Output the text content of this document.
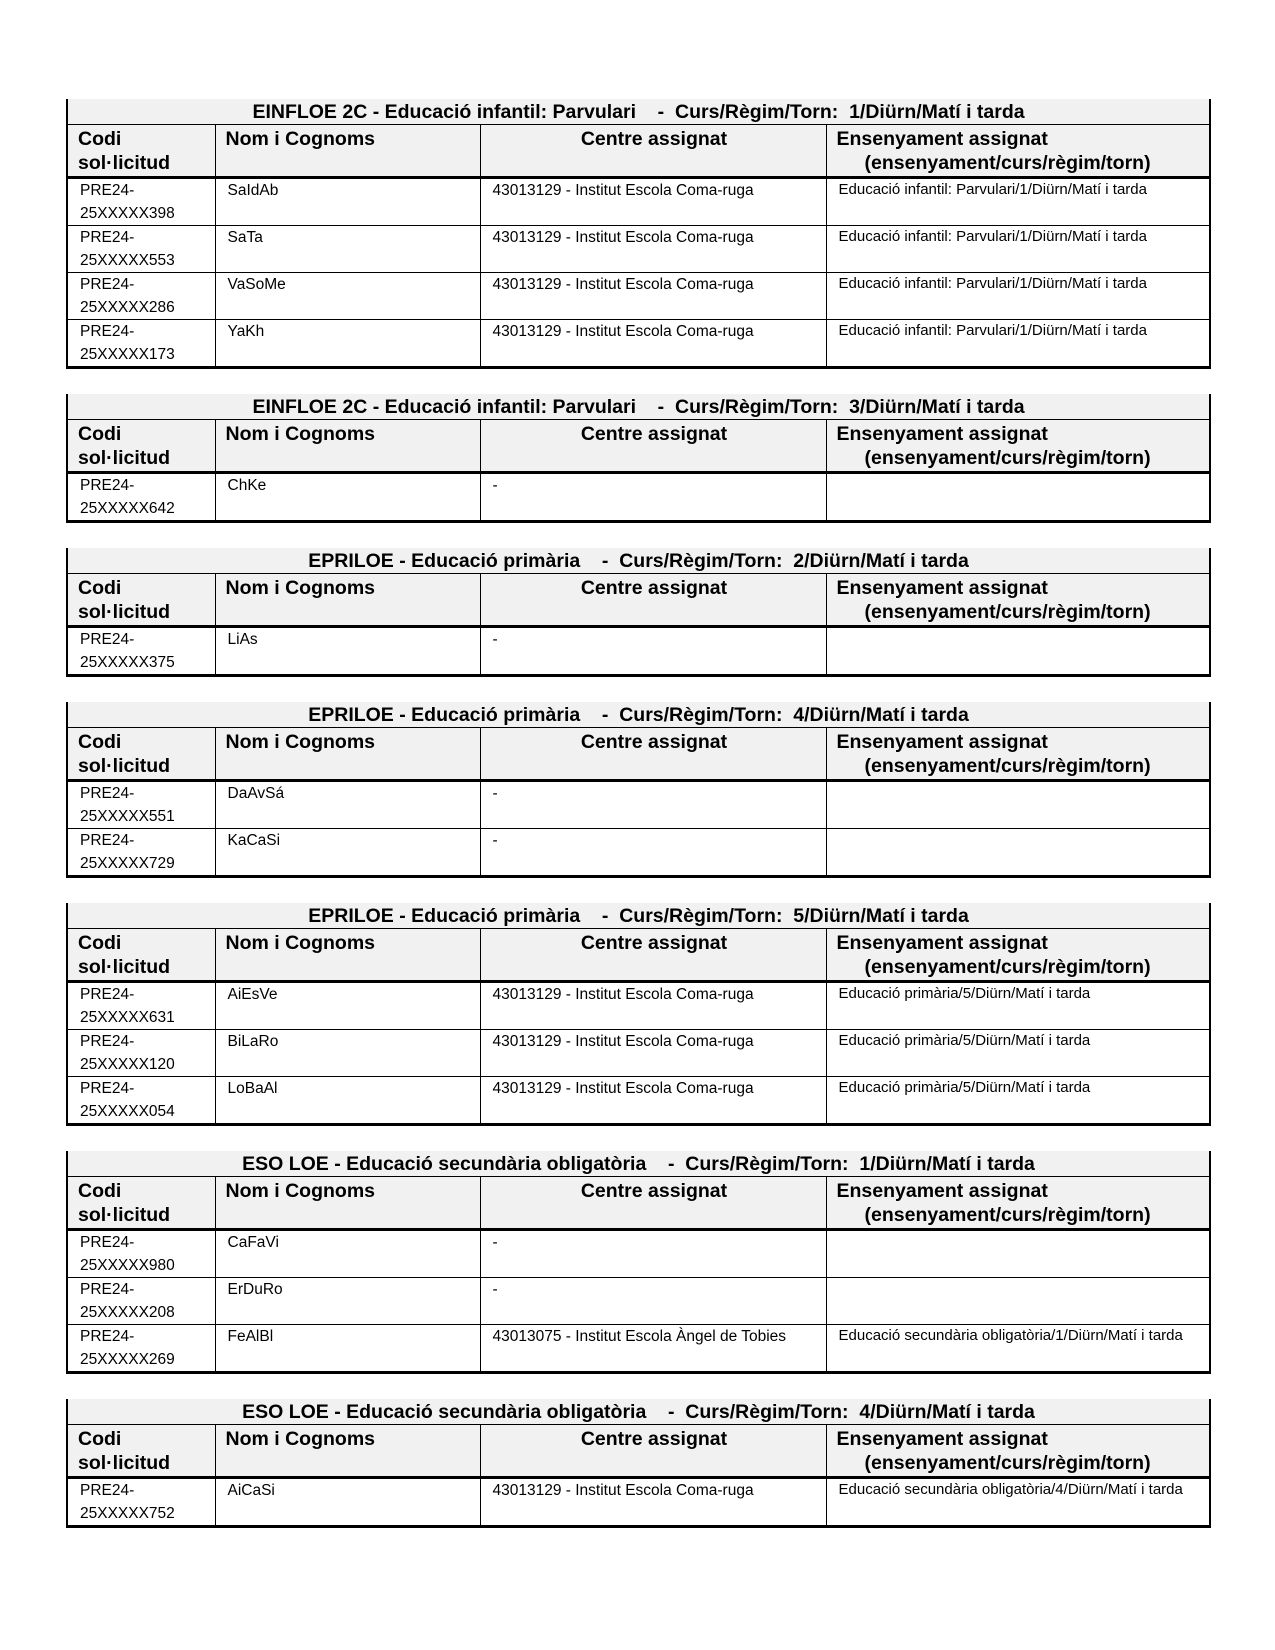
EINFLOE 2C - Educació infantil: Parvulari    -  Curs/Règim/Torn:  1/Diürn/Matí i tarda			

Codi
sol·licitud	Nom i Cognoms	Centre assignat	Ensenyament assignat
(ensenyament/curs/règim/torn)

PRE24-
25XXXXX398	SaIdAb	43013129 - Institut Escola Coma-ruga	Educació infantil: Parvulari/1/Diürn/Matí i tarda

PRE24-
25XXXXX553	SaTa	43013129 - Institut Escola Coma-ruga	Educació infantil: Parvulari/1/Diürn/Matí i tarda

PRE24-
25XXXXX286	VaSoMe	43013129 - Institut Escola Coma-ruga	Educació infantil: Parvulari/1/Diürn/Matí i tarda

PRE24-
25XXXXX173	YaKh	43013129 - Institut Escola Coma-ruga	Educació infantil: Parvulari/1/Diürn/Matí i tarda
EINFLOE 2C - Educació infantil: Parvulari    -  Curs/Règim/Torn:  3/Diürn/Matí i tarda			

Codi
sol·licitud	Nom i Cognoms	Centre assignat	Ensenyament assignat
(ensenyament/curs/règim/torn)

PRE24-
25XXXXX642	ChKe	-	
EPRILOE - Educació primària    -  Curs/Règim/Torn:  2/Diürn/Matí i tarda			

Codi
sol·licitud	Nom i Cognoms	Centre assignat	Ensenyament assignat
(ensenyament/curs/règim/torn)

PRE24-
25XXXXX375	LiAs	-	
EPRILOE - Educació primària    -  Curs/Règim/Torn:  4/Diürn/Matí i tarda			

Codi
sol·licitud	Nom i Cognoms	Centre assignat	Ensenyament assignat
(ensenyament/curs/règim/torn)

PRE24-
25XXXXX551	DaAvSá	-	

PRE24-
25XXXXX729	KaCaSi	-	
EPRILOE - Educació primària    -  Curs/Règim/Torn:  5/Diürn/Matí i tarda			

Codi
sol·licitud	Nom i Cognoms	Centre assignat	Ensenyament assignat
(ensenyament/curs/règim/torn)

PRE24-
25XXXXX631	AiEsVe	43013129 - Institut Escola Coma-ruga	Educació primària/5/Diürn/Matí i tarda

PRE24-
25XXXXX120	BiLaRo	43013129 - Institut Escola Coma-ruga	Educació primària/5/Diürn/Matí i tarda

PRE24-
25XXXXX054	LoBaAl	43013129 - Institut Escola Coma-ruga	Educació primària/5/Diürn/Matí i tarda
ESO LOE - Educació secundària obligatòria    -  Curs/Règim/Torn:  1/Diürn/Matí i tarda			

Codi
sol·licitud	Nom i Cognoms	Centre assignat	Ensenyament assignat
(ensenyament/curs/règim/torn)

PRE24-
25XXXXX980	CaFaVi	-	

PRE24-
25XXXXX208	ErDuRo	-	

PRE24-
25XXXXX269	FeAlBl	43013075 - Institut Escola Àngel de Tobies	Educació secundària obligatòria/1/Diürn/Matí i tarda
ESO LOE - Educació secundària obligatòria    -  Curs/Règim/Torn:  4/Diürn/Matí i tarda			

Codi
sol·licitud	Nom i Cognoms	Centre assignat	Ensenyament assignat
(ensenyament/curs/règim/torn)

PRE24-
25XXXXX752	AiCaSi	43013129 - Institut Escola Coma-ruga	Educació secundària obligatòria/4/Diürn/Matí i tarda
